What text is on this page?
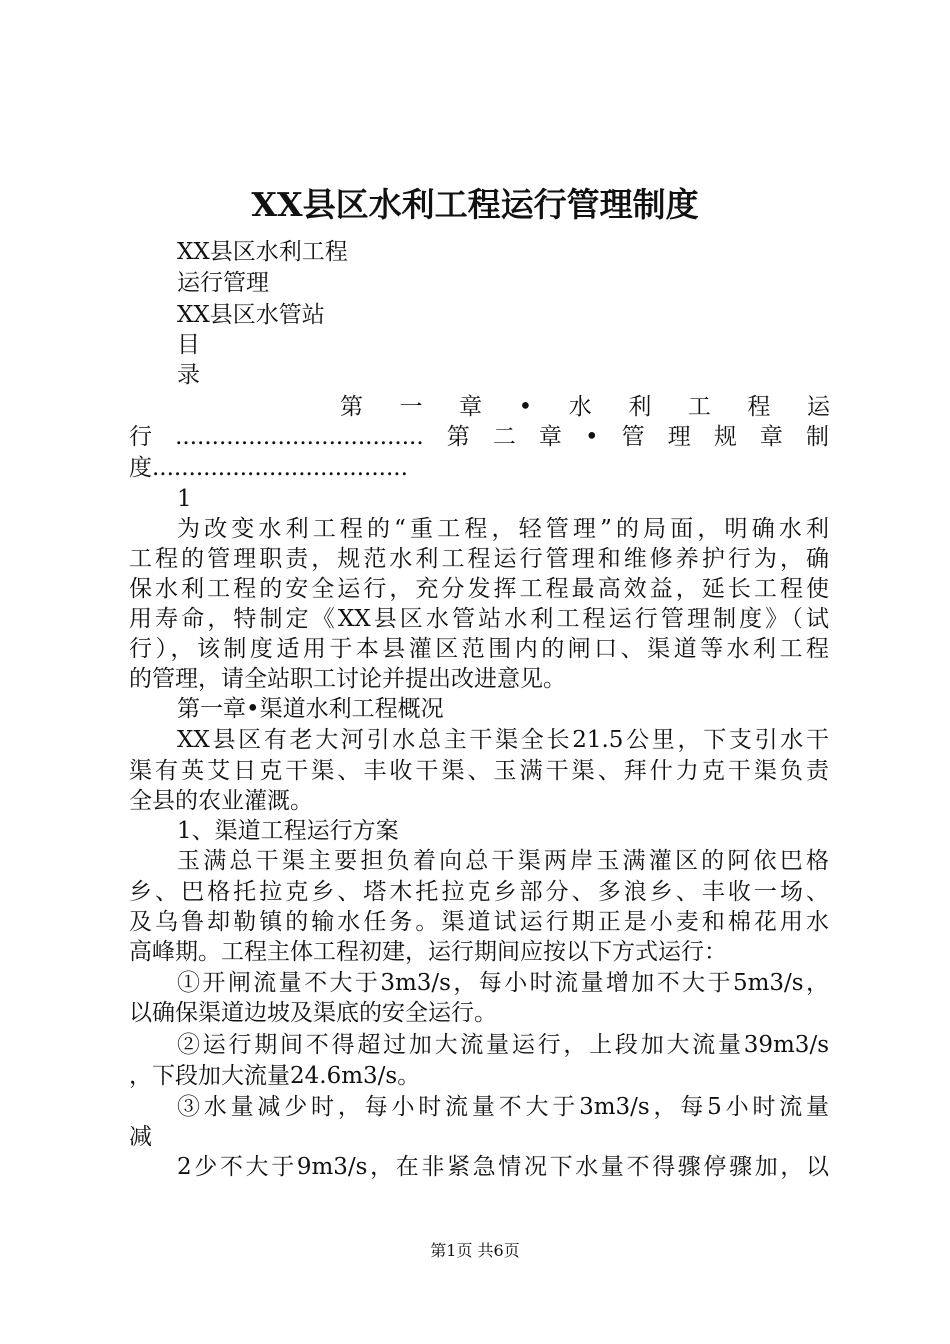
XX县区水利工程运行管理制度
XX县区水利工程
运行管理
XX县区水管站
目
录
第 一 章 • 水 利 工 程 运
行..................................第二章•管理规章制
度...................................
1
为改变水利工程的“重工程，轻管理”的局面，明确水利
工程的管理职责，规范水利工程运行管理和维修养护行为，确
保水利工程的安全运行，充分发挥工程最高效益，延长工程使
用寿命，特制定《XX县区水管站水利工程运行管理制度》（试
行），该制度适用于本县灌区范围内的闸口、渠道等水利工程
的管理，请全站职工讨论并提出改进意见。
第一章•渠道水利工程概况
XX县区有老大河引水总主干渠全长21.5公里，下支引水干
渠有英艾日克干渠、丰收干渠、玉满干渠、拜什力克干渠负责
全县的农业灌溉。
1、渠道工程运行方案
玉满总干渠主要担负着向总干渠两岸玉满灌区的阿依巴格
乡、巴格托拉克乡、塔木托拉克乡部分、多浪乡、丰收一场、
及乌鲁却勒镇的输水任务。渠道试运行期正是小麦和棉花用水
高峰期。工程主体工程初建，运行期间应按以下方式运行：
①开闸流量不大于3m3/s，每小时流量增加不大于5m3/s，
以确保渠道边坡及渠底的安全运行。
②运行期间不得超过加大流量运行，上段加大流量39m3/s
，下段加大流量24.6m3/s。
③水量减少时，每小时流量不大于3m3/s，每5小时流量
减
2少不大于9m3/s，在非紧急情况下水量不得骤停骤加，以
第1页 共6页
